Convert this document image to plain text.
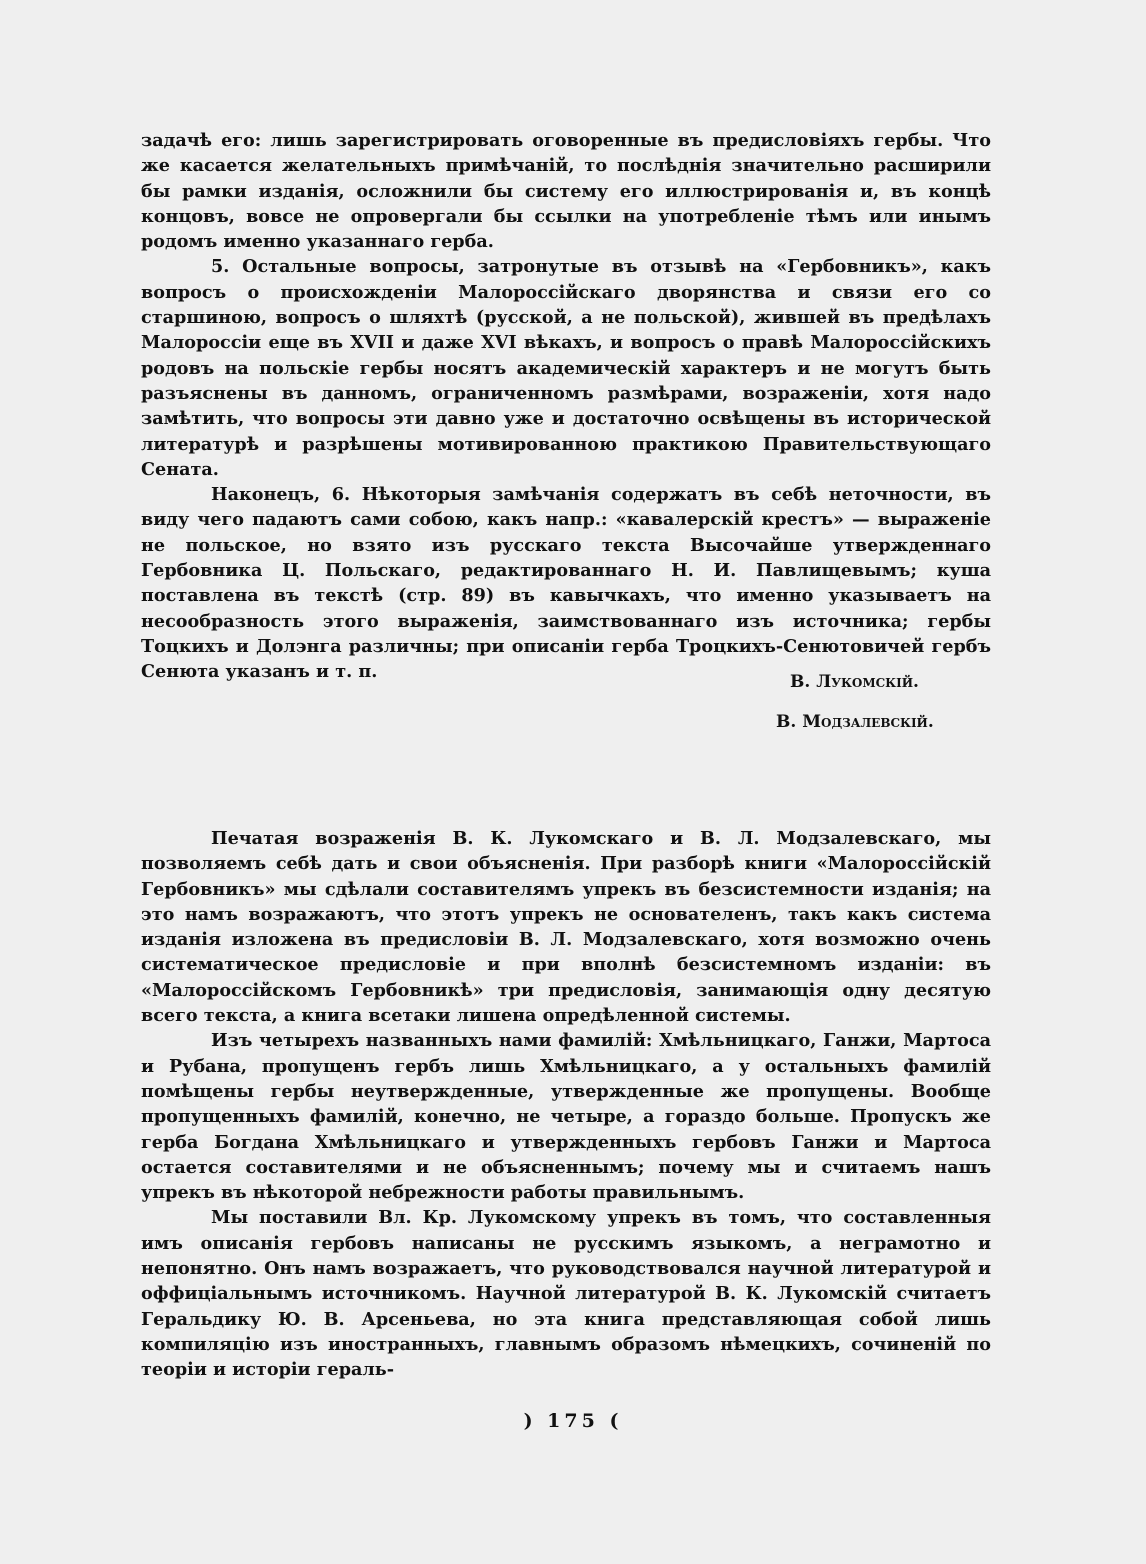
задачѣ его: лишь зарегистрировать оговоренные въ предисловіяхъ гербы. Что же касается желательныхъ примѣчаній, то послѣднія значительно расширили бы рамки изданія, осложнили бы систему его иллюстрированія и, въ концѣ концовъ, вовсе не опровергали бы ссылки на употребленіе тѣмъ или инымъ родомъ именно указаннаго герба.

5. Остальные вопросы, затронутые въ отзывѣ на «Гербовникъ», какъ вопросъ о происхожденіи Малороссійскаго дворянства и связи его со старшиною, вопросъ о шляхтѣ (русской, а не польской), жившей въ предѣлахъ Малороссіи еще въ XVII и даже XVI вѣкахъ, и вопросъ о правѣ Малороссійскихъ родовъ на польскіе гербы носятъ академическій характеръ и не могутъ быть разъяснены въ данномъ, ограниченномъ размѣрами, возраженіи, хотя надо замѣтить, что вопросы эти давно уже и достаточно освѣщены въ исторической литературѣ и разрѣшены мотивированною практикою Правительствующаго Сената.

Наконецъ, 6. Нѣкоторыя замѣчанія содержатъ въ себѣ неточности, въ виду чего падаютъ сами собою, какъ напр.: «кавалерскій крестъ» — выраженіе не польское, но взято изъ русскаго текста Высочайше утвержденнаго Гербовника Ц. Польскаго, редактированнаго Н. И. Павлищевымъ; куша поставлена въ текстѣ (стр. 89) въ кавычкахъ, что именно указываетъ на несообразность этого выраженія, заимствованнаго изъ источника; гербы Тоцкихъ и Долэнга различны; при описаніи герба Троцкихъ-Сенютовичей гербъ Сенюта указанъ и т. п.	В. Лукомскій.
В. Модзалевскій.

Печатая возраженія В. К. Лукомскаго и В. Л. Модзалевскаго, мы позволяемъ себѣ дать и свои объясненія. При разборѣ книги «Малороссійскій Гербовникъ» мы сдѣлали составителямъ упрекъ въ безсистемности изданія; на это намъ возражаютъ, что этотъ упрекъ не основателенъ, такъ какъ система изданія изложена въ предисловіи В. Л. Модзалевскаго, хотя возможно очень систематическое предисловіе и при вполнѣ безсистемномъ изданіи: въ «Малороссійскомъ Гербовникѣ» три предисловія, занимающія одну десятую всего текста, а книга всетаки лишена опредѣленной системы.

Изъ четырехъ названныхъ нами фамилій: Хмѣльницкаго, Ганжи, Мартоса и Рубана, пропущенъ гербъ лишь Хмѣльницкаго, а у остальныхъ фамилій помѣщены гербы неутвержденные, утвержденные же пропущены. Вообще пропущенныхъ фамилій, конечно, не четыре, а гораздо больше. Пропускъ же герба Богдана Хмѣльницкаго и утвержденныхъ гербовъ Ганжи и Мартоса остается составителями и не объясненнымъ; почему мы и считаемъ нашъ упрекъ въ нѣкоторой небрежности работы правильнымъ.

Мы поставили Вл. Кр. Лукомскому упрекъ въ томъ, что составленныя имъ описанія гербовъ написаны не русскимъ языкомъ, а неграмотно и непонятно. Онъ намъ возражаетъ, что руководствовался научной литературой и оффиціальнымъ источникомъ. Научной литературой В. К. Лукомскій считаетъ Геральдику Ю. В. Арсеньева, но эта книга представляющая собой лишь компиляцію изъ иностранныхъ, главнымъ образомъ нѣмецкихъ, сочиненій по теоріи и исторіи гераль-

) 175 (
